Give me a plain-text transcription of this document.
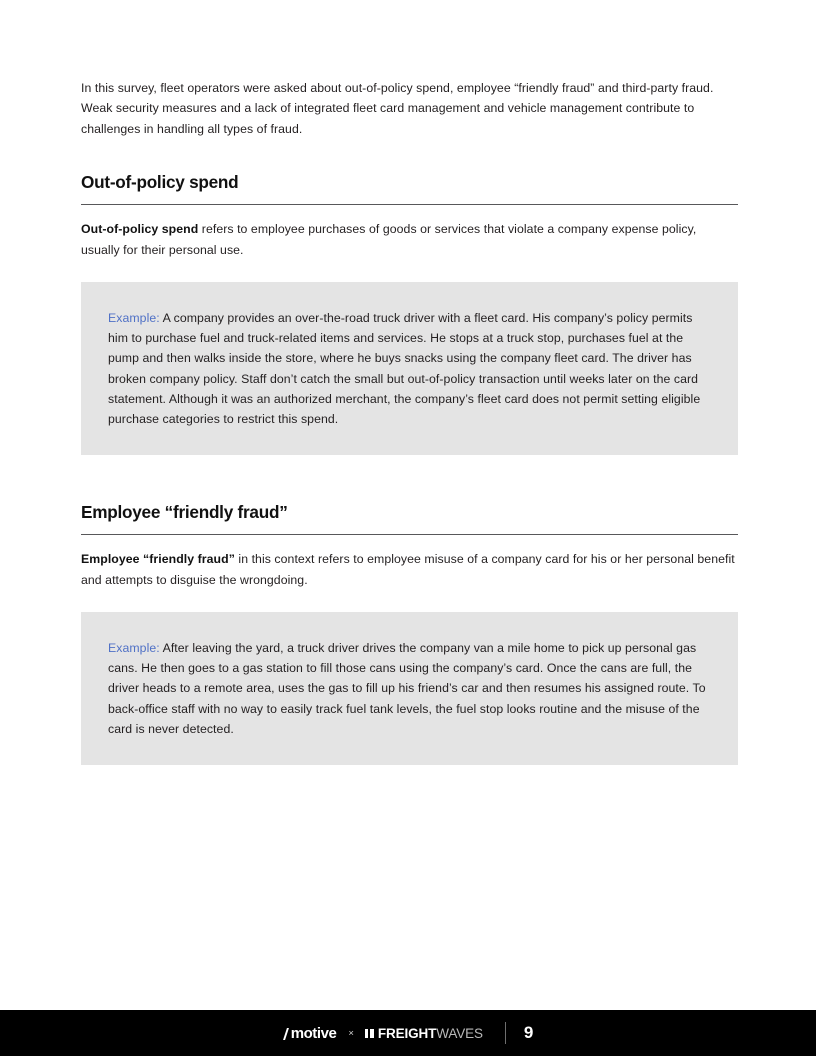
In this survey, fleet operators were asked about out-of-policy spend, employee “friendly fraud” and third-party fraud. Weak security measures and a lack of integrated fleet card management and vehicle management contribute to challenges in handling all types of fraud.

Out-of-policy spend

Out-of-policy spend refers to employee purchases of goods or services that violate a company expense policy, usually for their personal use.

Example: A company provides an over-the-road truck driver with a fleet card. His company’s policy permits him to purchase fuel and truck-related items and services. He stops at a truck stop, purchases fuel at the pump and then walks inside the store, where he buys snacks using the company fleet card. The driver has broken company policy. Staff don’t catch the small but out-of-policy transaction until weeks later on the card statement. Although it was an authorized merchant, the company’s fleet card does not permit setting eligible purchase categories to restrict this spend.

Employee “friendly fraud”

Employee “friendly fraud” in this context refers to employee misuse of a company card for his or her personal benefit and attempts to disguise the wrongdoing.

Example: After leaving the yard, a truck driver drives the company van a mile home to pick up personal gas cans. He then goes to a gas station to fill those cans using the company’s card. Once the cans are full, the driver heads to a remote area, uses the gas to fill up his friend’s car and then resumes his assigned route. To back-office staff with no way to easily track fuel tank levels, the fuel stop looks routine and the misuse of the card is never detected.

motive × FREIGHT WAVES 9
